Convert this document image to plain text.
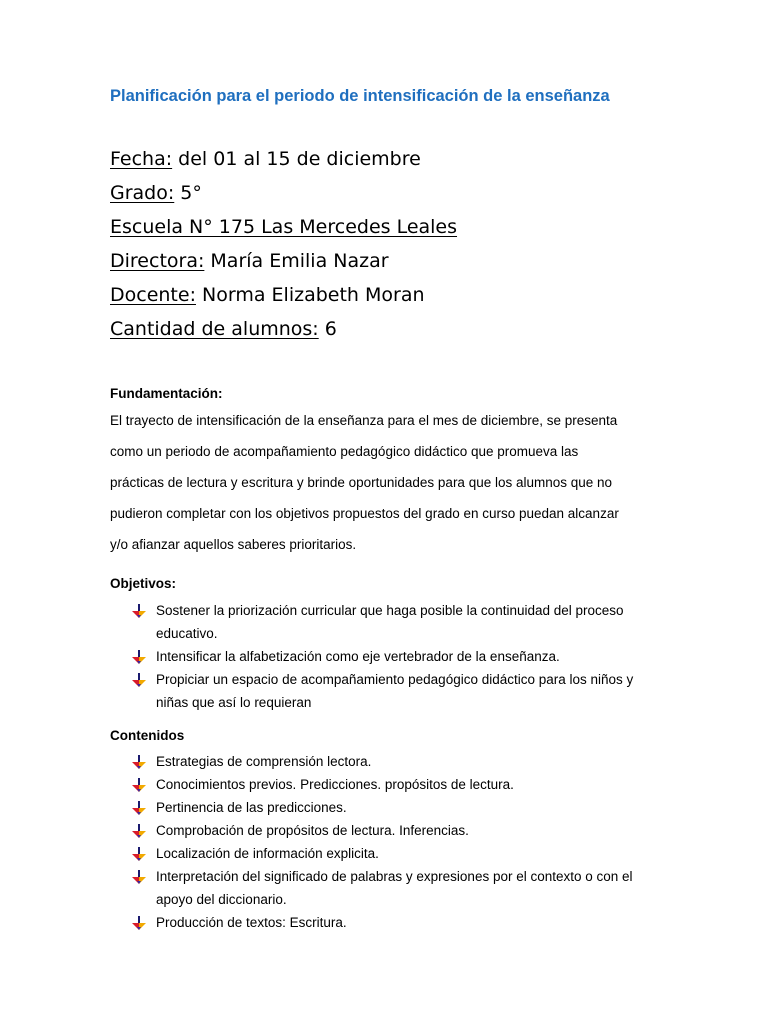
Planificación para el periodo de intensificación de la enseñanza
Fecha: del 01 al 15 de diciembre
Grado: 5°
Escuela N° 175 Las Mercedes Leales
Directora: María Emilia Nazar
Docente: Norma Elizabeth Moran
Cantidad de alumnos: 6
Fundamentación:
El trayecto de intensificación de la enseñanza para el mes de diciembre, se presenta
como un periodo de acompañamiento pedagógico didáctico que promueva las
prácticas de lectura y escritura y brinde oportunidades para que los alumnos que no
pudieron completar con los objetivos propuestos del grado en curso puedan alcanzar
y/o afianzar aquellos saberes prioritarios.
Objetivos:
Sostener la priorización curricular que haga posible la continuidad del proceso
educativo.
Intensificar la alfabetización como eje vertebrador de la enseñanza.
Propiciar un espacio de acompañamiento pedagógico didáctico para los niños y
niñas que así lo requieran
Contenidos
Estrategias de comprensión lectora.
Conocimientos previos. Predicciones. propósitos de lectura.
Pertinencia de las predicciones.
Comprobación de propósitos de lectura. Inferencias.
Localización de información explicita.
Interpretación del significado de palabras y expresiones por el contexto o con el
apoyo del diccionario.
Producción de textos: Escritura.
